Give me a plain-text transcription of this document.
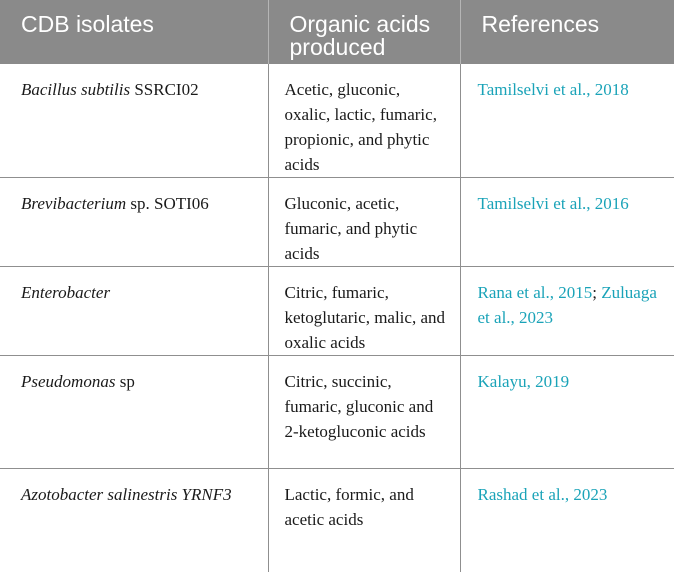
CDB isolates	Organic acids produced	References
Bacillus subtilis SSRCI02	Acetic, gluconic, oxalic, lactic, fumaric, propionic, and phytic acids	Tamilselvi et al., 2018
Brevibacterium sp. SOTI06	Gluconic, acetic, fumaric, and phytic acids	Tamilselvi et al., 2016
Enterobacter	Citric, fumaric, ketoglutaric, malic, and oxalic acids	Rana et al., 2015; Zuluaga et al., 2023
Pseudomonas sp	Citric, succinic, fumaric, gluconic and 2-ketogluconic acids	Kalayu, 2019
Azotobacter salinestris YRNF3	Lactic, formic, and acetic acids	Rashad et al., 2023
